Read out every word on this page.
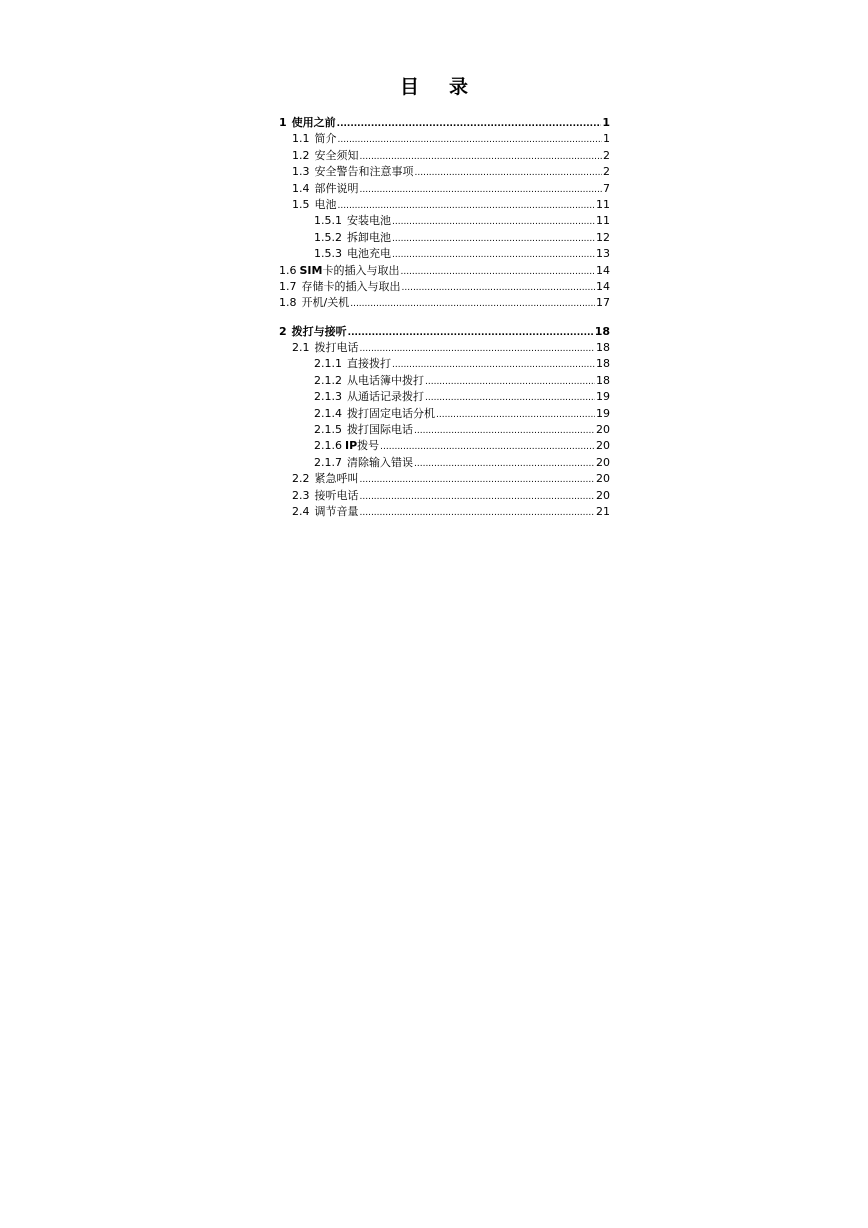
目 录
1 使用之前 .....	1
1.1 简介 .....	1
1.2 安全须知 .....	2
1.3 安全警告和注意事项 .....	2
1.4 部件说明 .....	7
1.5 电池 .....	11
1.5.1 安装电池 .....	11
1.5.2 拆卸电池 .....	12
1.5.3 电池充电 .....	13
1.6 SIM 卡的插入与取出 .....	14
1.7 存储卡的插入与取出 .....	14
1.8 开机/关机 .....	17
2 拨打与接听 .....	18
2.1 拨打电话 .....	18
2.1.1 直接拨打 .....	18
2.1.2 从电话簿中拨打 .....	18
2.1.3 从通话记录拨打 .....	19
2.1.4 拨打固定电话分机 .....	19
2.1.5 拨打国际电话 .....	20
2.1.6 IP 拨号 .....	20
2.1.7 清除输入错误 .....	20
2.2 紧急呼叫 .....	20
2.3 接听电话 .....	20
2.4 调节音量 .....	21
